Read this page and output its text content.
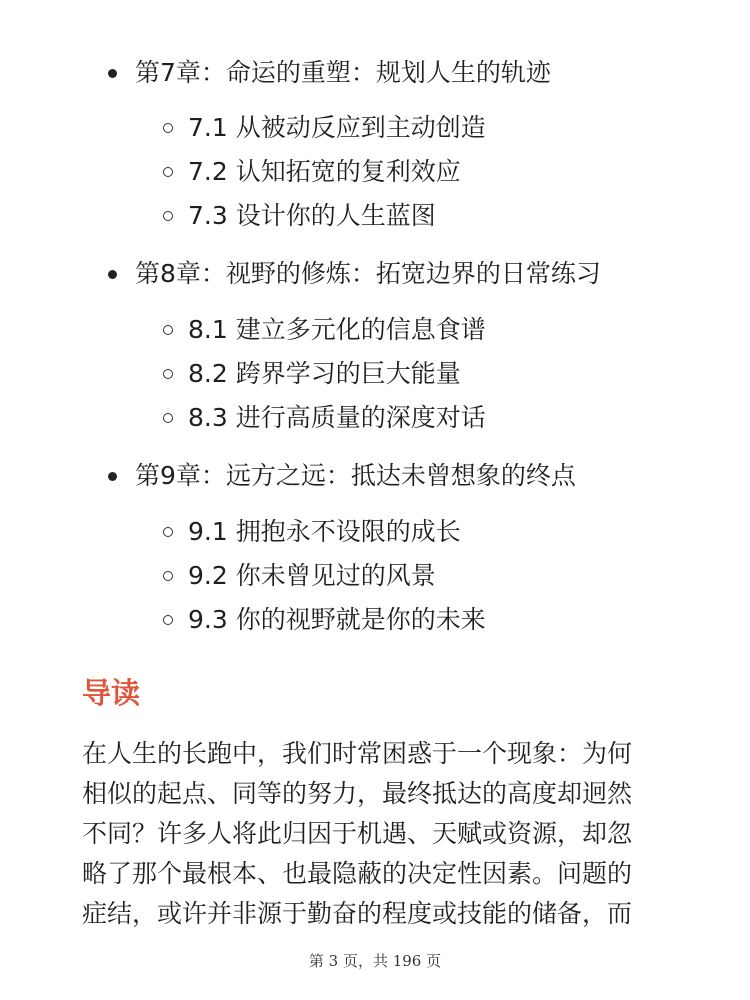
第7章：命运的重塑：规划人生的轨迹
7.1 从被动反应到主动创造
7.2 认知拓宽的复利效应
7.3 设计你的人生蓝图
第8章：视野的修炼：拓宽边界的日常练习
8.1 建立多元化的信息食谱
8.2 跨界学习的巨大能量
8.3 进行高质量的深度对话
第9章：远方之远：抵达未曾想象的终点
9.1 拥抱永不设限的成长
9.2 你未曾见过的风景
9.3 你的视野就是你的未来
导读
在人生的长跑中，我们时常困惑于一个现象：为何
相似的起点、同等的努力，最终抵达的高度却迥然
不同？许多人将此归因于机遇、天赋或资源，却忽
略了那个最根本、也最隐蔽的决定性因素。问题的
症结，或许并非源于勤奋的程度或技能的储备，而
第 3 页，共 196 页
